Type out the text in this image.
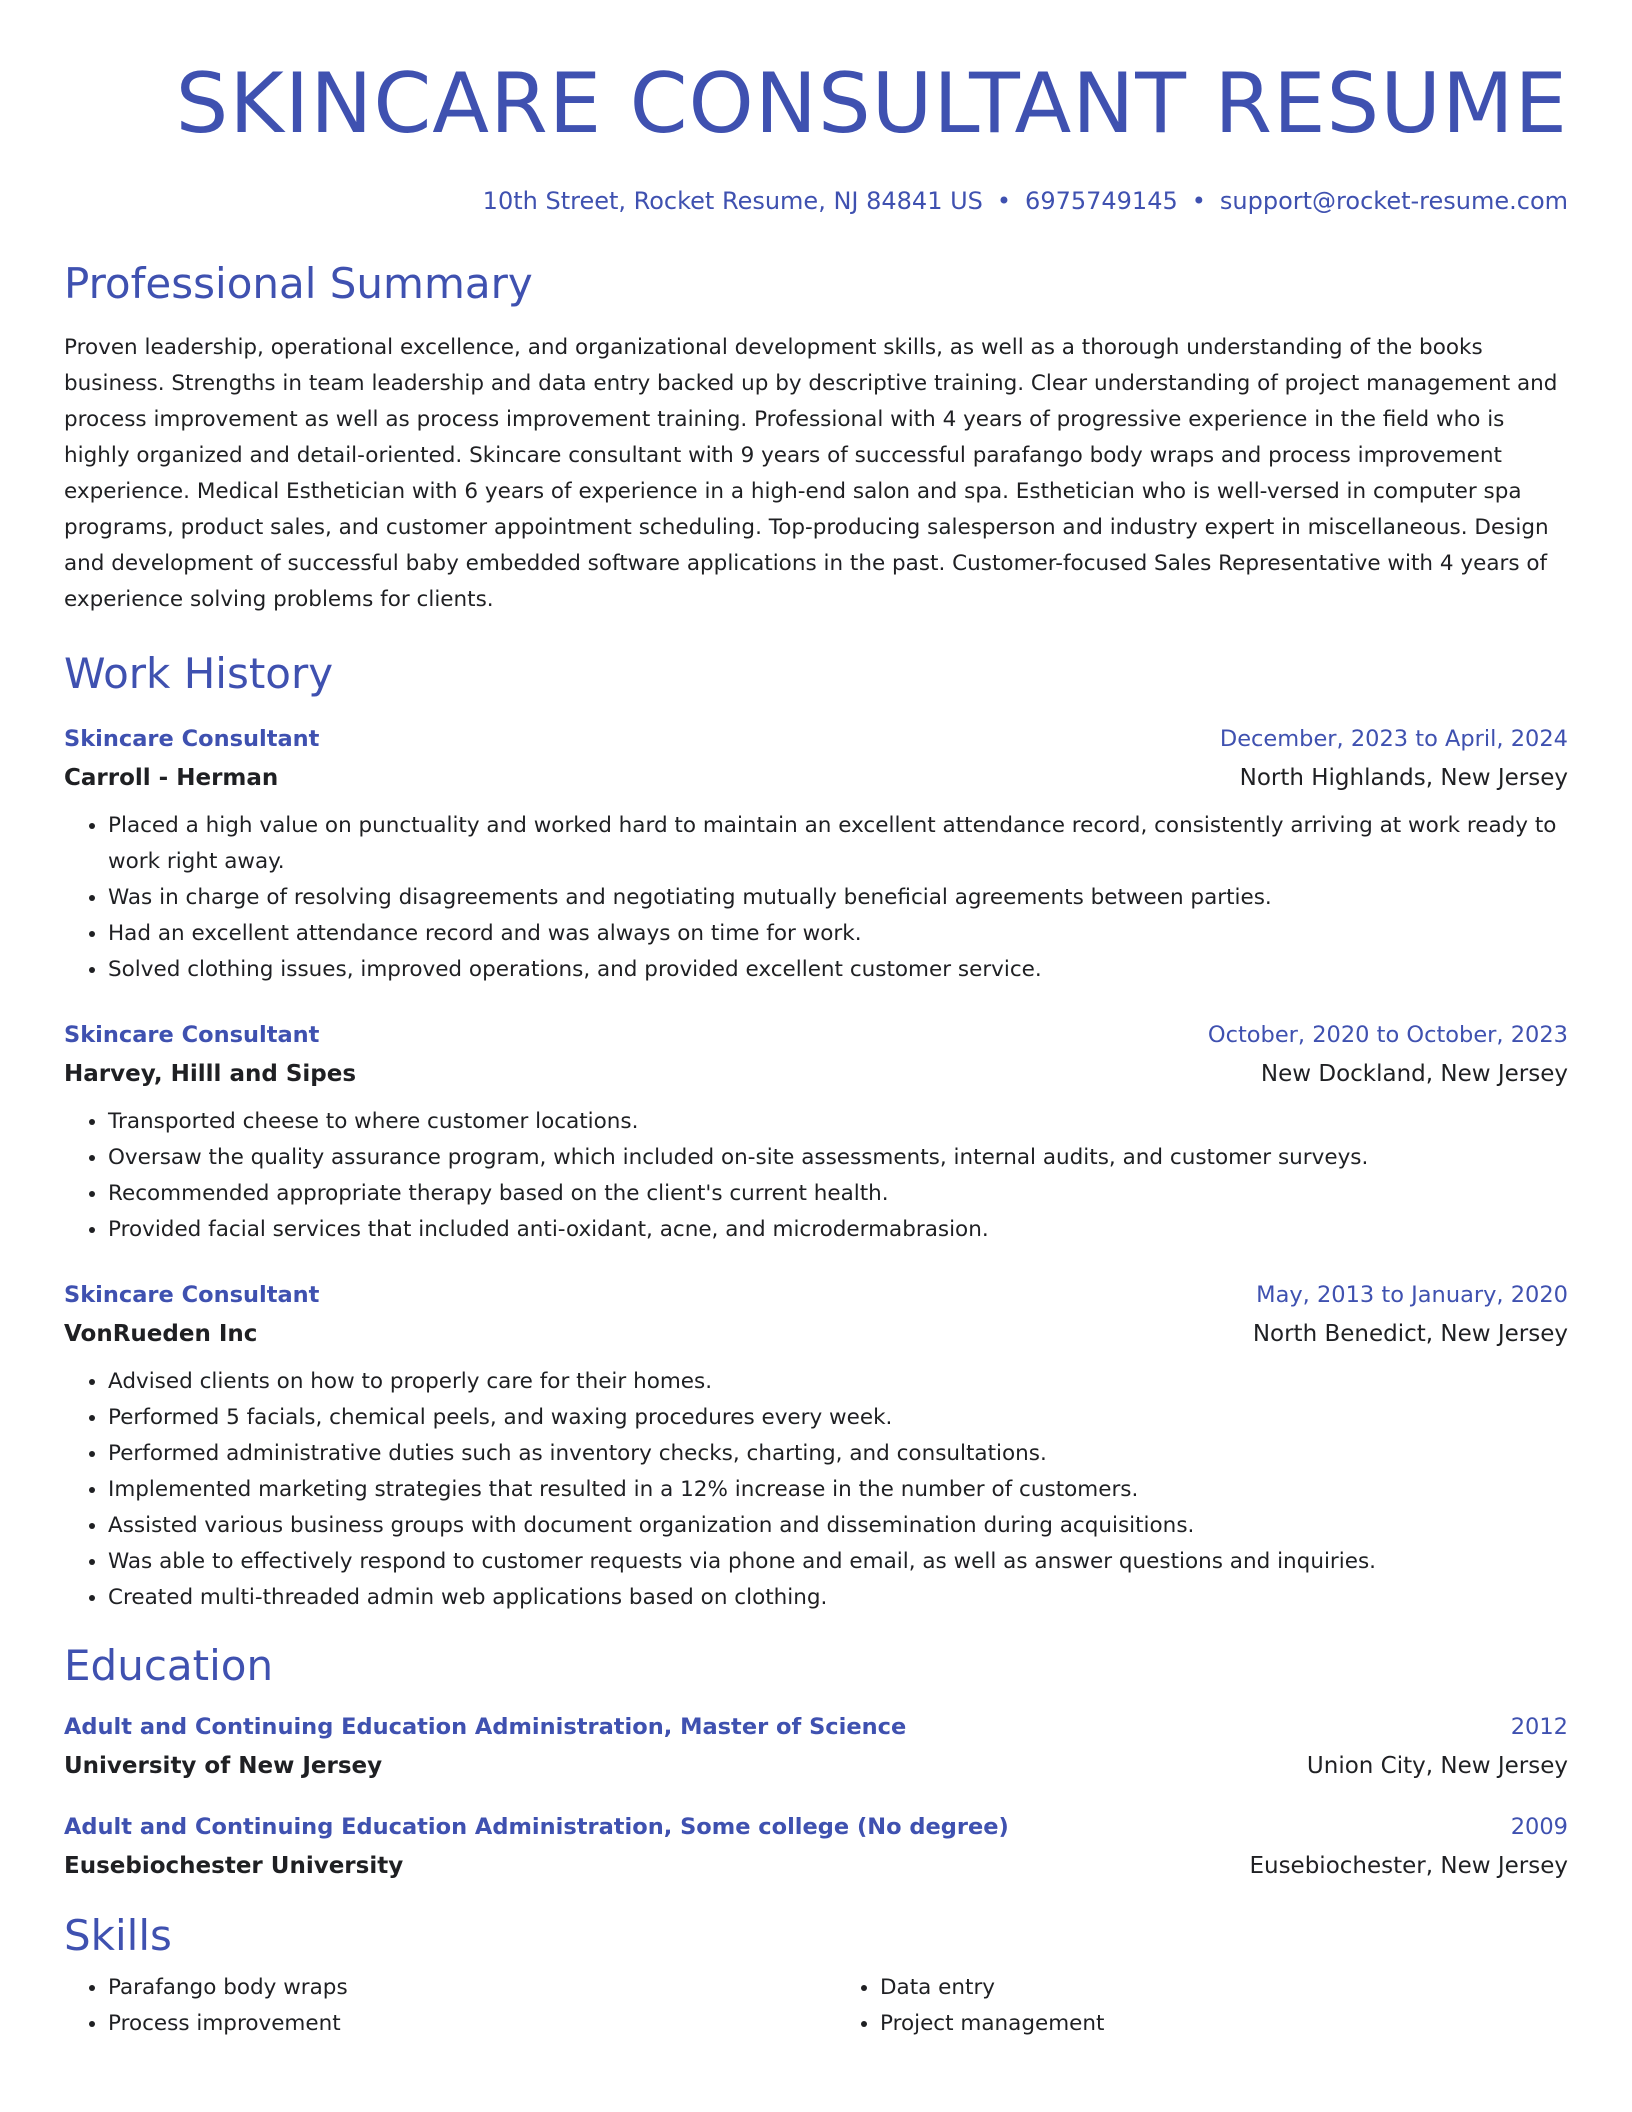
SKINCARE CONSULTANT RESUME
10th Street, Rocket Resume, NJ 84841 US • 6975749145 • support@rocket-resume.com
Professional Summary
Proven leadership, operational excellence, and organizational development skills, as well as a thorough understanding of the books business. Strengths in team leadership and data entry backed up by descriptive training. Clear understanding of project management and process improvement as well as process improvement training. Professional with 4 years of progressive experience in the field who is highly organized and detail-oriented. Skincare consultant with 9 years of successful parafango body wraps and process improvement experience. Medical Esthetician with 6 years of experience in a high-end salon and spa. Esthetician who is well-versed in computer spa programs, product sales, and customer appointment scheduling. Top-producing salesperson and industry expert in miscellaneous. Design and development of successful baby embedded software applications in the past. Customer-focused Sales Representative with 4 years of experience solving problems for clients.
Work History
Skincare Consultant	December, 2023 to April, 2024
Carroll - Herman	North Highlands, New Jersey
• Placed a high value on punctuality and worked hard to maintain an excellent attendance record, consistently arriving at work ready to work right away.
• Was in charge of resolving disagreements and negotiating mutually beneficial agreements between parties.
• Had an excellent attendance record and was always on time for work.
• Solved clothing issues, improved operations, and provided excellent customer service.
Skincare Consultant	October, 2020 to October, 2023
Harvey, Hilll and Sipes	New Dockland, New Jersey
• Transported cheese to where customer locations.
• Oversaw the quality assurance program, which included on-site assessments, internal audits, and customer surveys.
• Recommended appropriate therapy based on the client's current health.
• Provided facial services that included anti-oxidant, acne, and microdermabrasion.
Skincare Consultant	May, 2013 to January, 2020
VonRueden Inc	North Benedict, New Jersey
• Advised clients on how to properly care for their homes.
• Performed 5 facials, chemical peels, and waxing procedures every week.
• Performed administrative duties such as inventory checks, charting, and consultations.
• Implemented marketing strategies that resulted in a 12% increase in the number of customers.
• Assisted various business groups with document organization and dissemination during acquisitions.
• Was able to effectively respond to customer requests via phone and email, as well as answer questions and inquiries.
• Created multi-threaded admin web applications based on clothing.
Education
Adult and Continuing Education Administration, Master of Science	2012
University of New Jersey	Union City, New Jersey
Adult and Continuing Education Administration, Some college (No degree)	2009
Eusebiochester University	Eusebiochester, New Jersey
Skills
• Parafango body wraps
• Process improvement
• Data entry
• Project management
